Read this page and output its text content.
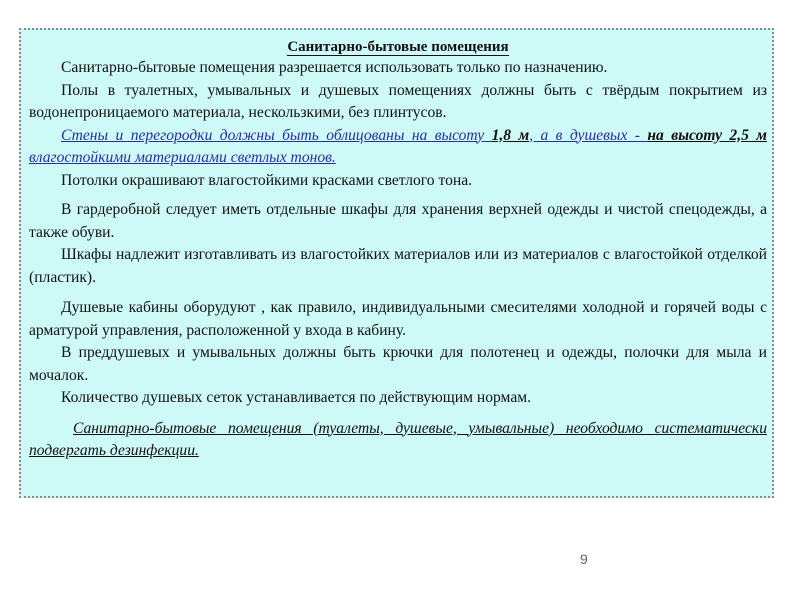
Санитарно-бытовые помещения

Санитарно-бытовые помещения разрешается использовать только по назначению.

Полы в туалетных, умывальных и душевых помещениях должны быть с твёрдым покрытием из водонепроницаемого материала, нескользкими, без плинтусов.

Стены и перегородки должны быть облицованы на высоту 1,8 м, а в душевых - на высоту 2,5 м влагостойкими материалами светлых тонов.

Потолки окрашивают влагостойкими красками светлого тона.

В гардеробной следует иметь отдельные шкафы для хранения верхней одежды и чистой спецодежды, а также обуви.

Шкафы надлежит изготавливать из влагостойких материалов или из материалов с влагостойкой отделкой (пластик).

Душевые кабины оборудуют , как правило, индивидуальными смесителями холодной и горячей воды с арматурой управления, расположенной у входа в кабину.

В преддушевых и умывальных должны быть крючки для полотенец и одежды, полочки для мыла и мочалок.

Количество душевых сеток устанавливается по действующим нормам.

Санитарно-бытовые помещения (туалеты, душевые, умывальные) необходимо систематически подвергать дезинфекции.

9
